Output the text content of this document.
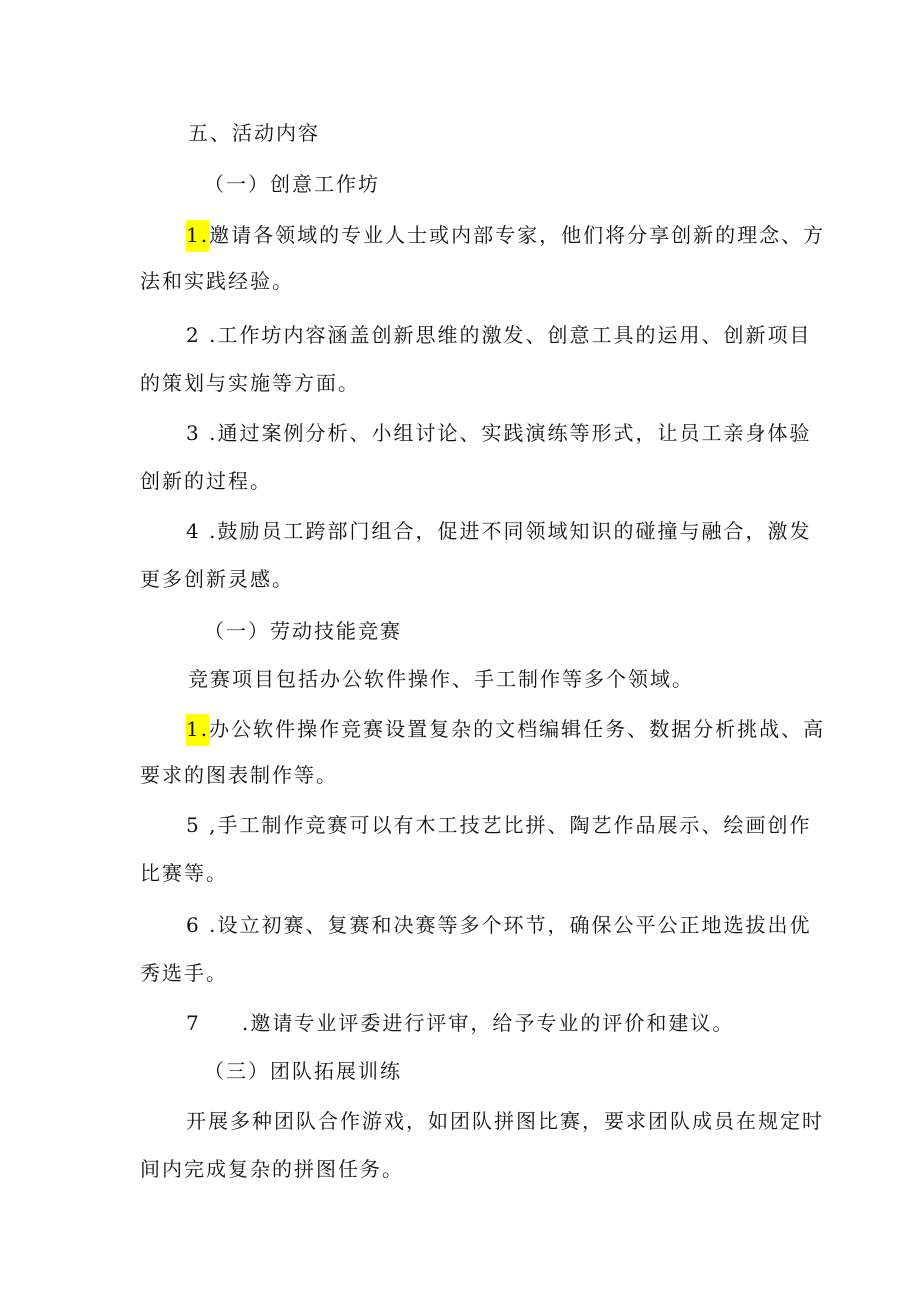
五、活动内容
（一）创意工作坊
1.邀请各领域的专业人士或内部专家，他们将分享创新的理念、方
法和实践经验。
2 .工作坊内容涵盖创新思维的激发、创意工具的运用、创新项目
的策划与实施等方面。
3 .通过案例分析、小组讨论、实践演练等形式，让员工亲身体验
创新的过程。
4 .鼓励员工跨部门组合，促进不同领域知识的碰撞与融合，激发
更多创新灵感。
（一）劳动技能竞赛
竞赛项目包括办公软件操作、手工制作等多个领域。
1.办公软件操作竞赛设置复杂的文档编辑任务、数据分析挑战、高
要求的图表制作等。
5 ,手工制作竞赛可以有木工技艺比拼、陶艺作品展示、绘画创作
比赛等。
6 .设立初赛、复赛和决赛等多个环节，确保公平公正地选拔出优
秀选手。
7 .邀请专业评委进行评审，给予专业的评价和建议。
（三）团队拓展训练
开展多种团队合作游戏，如团队拼图比赛，要求团队成员在规定时
间内完成复杂的拼图任务。
